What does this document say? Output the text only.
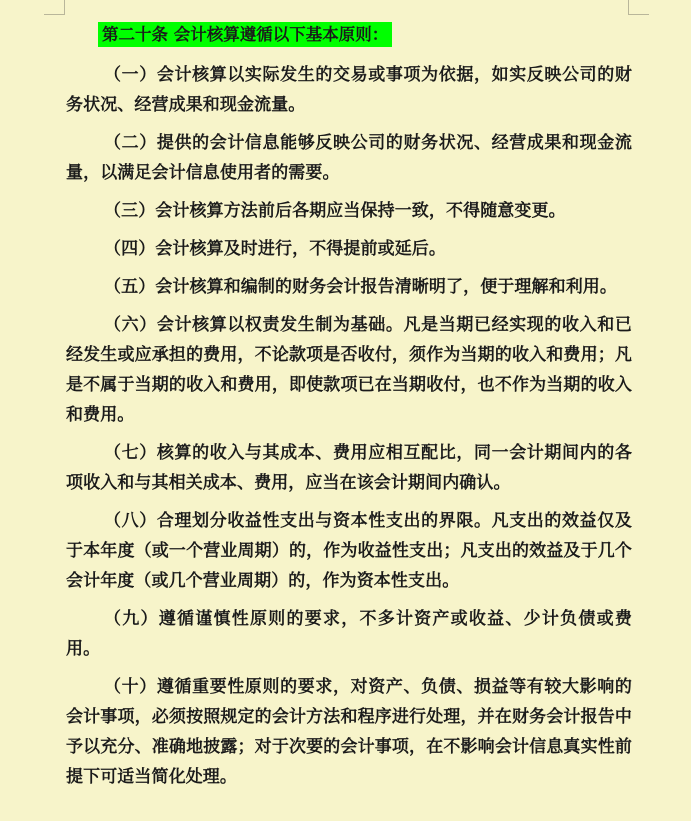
第二十条 会计核算遵循以下基本原则：

（一）会计核算以实际发生的交易或事项为依据，如实反映公司的财务状况、经营成果和现金流量。

（二）提供的会计信息能够反映公司的财务状况、经营成果和现金流量，以满足会计信息使用者的需要。

（三）会计核算方法前后各期应当保持一致，不得随意变更。

（四）会计核算及时进行，不得提前或延后。

（五）会计核算和编制的财务会计报告清晰明了，便于理解和利用。

（六）会计核算以权责发生制为基础。凡是当期已经实现的收入和已经发生或应承担的费用，不论款项是否收付，须作为当期的收入和费用；凡是不属于当期的收入和费用，即使款项已在当期收付，也不作为当期的收入和费用。

（七）核算的收入与其成本、费用应相互配比，同一会计期间内的各项收入和与其相关成本、费用，应当在该会计期间内确认。

（八）合理划分收益性支出与资本性支出的界限。凡支出的效益仅及于本年度（或一个营业周期）的，作为收益性支出；凡支出的效益及于几个会计年度（或几个营业周期）的，作为资本性支出。

（九）遵循谨慎性原则的要求，不多计资产或收益、少计负债或费用。

（十）遵循重要性原则的要求，对资产、负债、损益等有较大影响的会计事项，必须按照规定的会计方法和程序进行处理，并在财务会计报告中予以充分、准确地披露；对于次要的会计事项，在不影响会计信息真实性前提下可适当简化处理。
